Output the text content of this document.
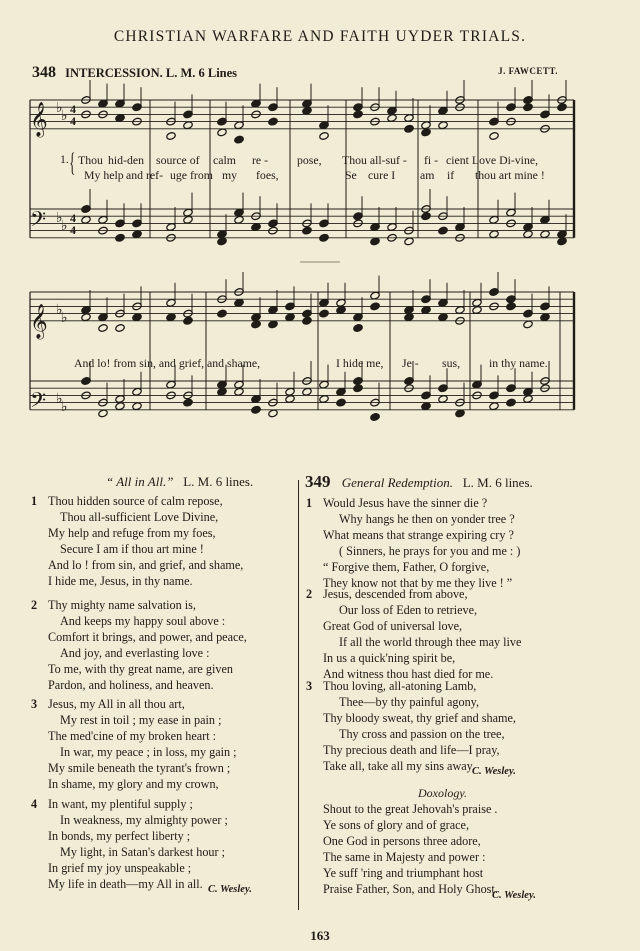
CHRISTIAN WARFARE AND FAITH UYDER TRIALS.
348 INTERCESSION. L. M. 6 Lines	J. FAWCETT.
𝄞
𝄢
𝄞
𝄢
♭
♭
♭
♭
♭
♭
♭
♭
4
4
4
4
1. { Thou hid-den source of calm re - pose, Thou all-suf - fi - cient Love Di-vine,
My help and ref- uge from my foes,	Se cure I am if thou art mine !
And lo! from sin, and grief, and shame,	I hide me, Je - sus, in thy name.
“ All in All.” L. M. 6 lines.	349 General Redemption. L. M. 6 lines.
1 Thou hidden source of calm repose,
Thou all-sufficient Love Divine,
My help and refuge from my foes,
Secure I am if thou art mine !
And lo ! from sin, and grief, and shame,
I hide me, Jesus, in thy name.
2 Thy mighty name salvation is,
And keeps my happy soul above :
Comfort it brings, and power, and peace,
And joy, and everlasting love :
To me, with thy great name, are given
Pardon, and holiness, and heaven.
3 Jesus, my All in all thou art,
My rest in toil ; my ease in pain ;
The med'cine of my broken heart :
In war, my peace ; in loss, my gain ;
My smile beneath the tyrant's frown ;
In shame, my glory and my crown,
4 In want, my plentiful supply ;
In weakness, my almighty power ;
In bonds, my perfect liberty ;
My light, in Satan's darkest hour ;
In grief my joy unspeakable ;
My life in death—my All in all. C. Wesley.
1 Would Jesus have the sinner die ?
Why hangs he then on yonder tree ?
What means that strange expiring cry ?
( Sinners, he prays for you and me : )
“ Forgive them, Father, O forgive,
They know not that by me they live ! ”
2 Jesus, descended from above,
Our loss of Eden to retrieve,
Great God of universal love,
If all the world through thee may live
In us a quick'ning spirit be,
And witness thou hast died for me.
3 Thou loving, all-atoning Lamb,
Thee—by thy painful agony,
Thy bloody sweat, thy grief and shame,
Thy cross and passion on the tree,
Thy precious death and life—I pray,
Take all, take all my sins away.
C. Wesley.
Doxology.
Shout to the great Jehovah's praise .
Ye sons of glory and of grace,
One God in persons three adore,
The same in Majesty and power :
Ye suff 'ring and triumphant host
Praise Father, Son, and Holy Ghost.
C. Wesley.
163
